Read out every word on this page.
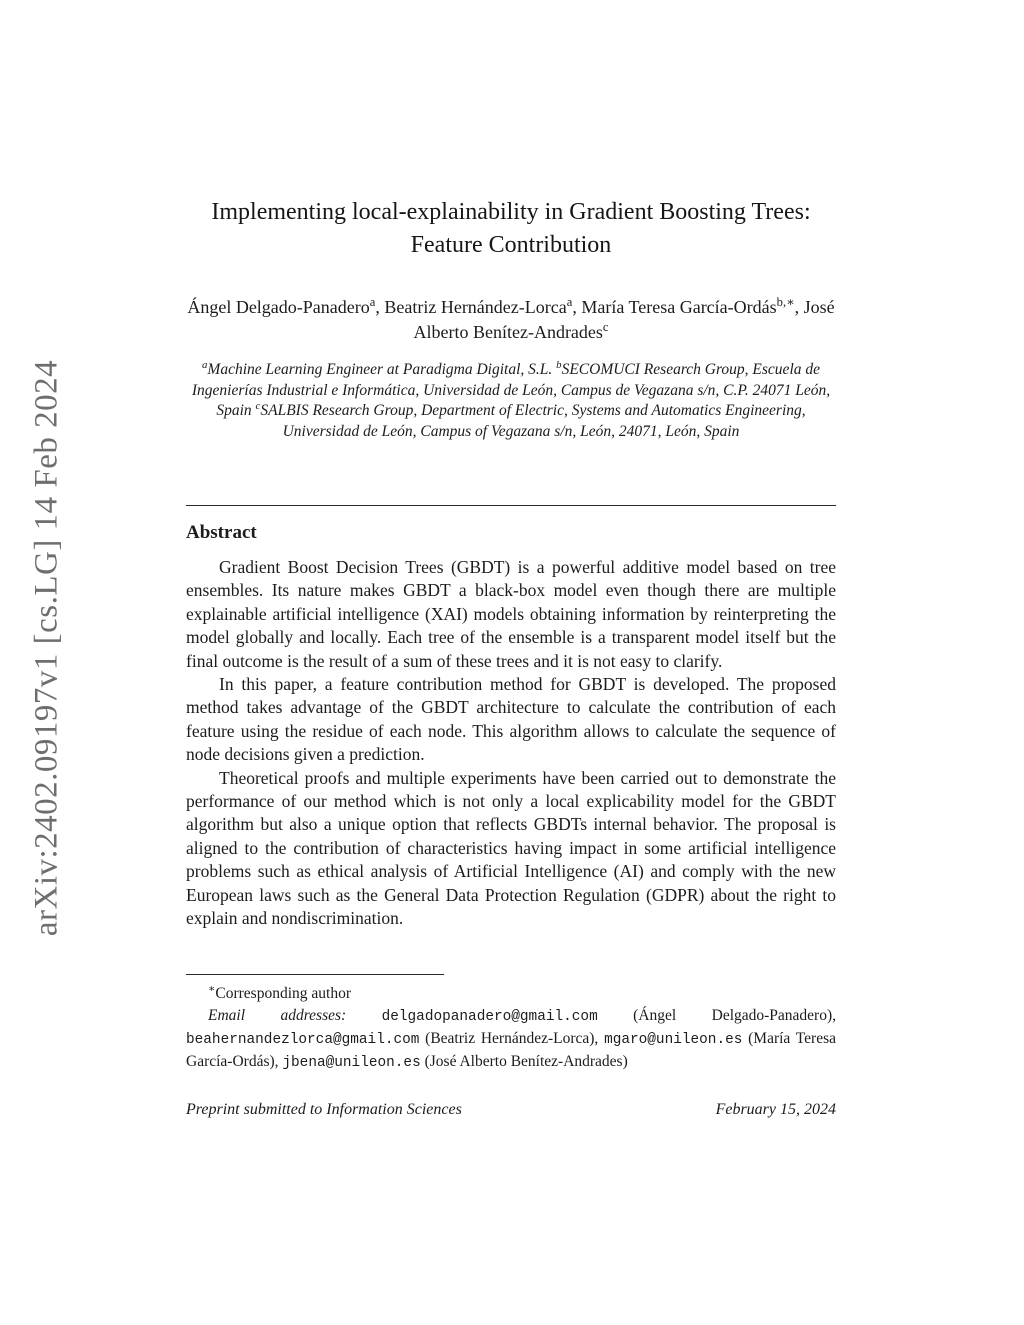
arXiv:2402.09197v1 [cs.LG] 14 Feb 2024
Implementing local-explainability in Gradient Boosting Trees: Feature Contribution
Ángel Delgado-Panadero$^a$, Beatriz Hernández-Lorca$^a$, María Teresa García-Ordás$^{b,∗}$, José Alberto Benítez-Andrades$^c$
$^a$Machine Learning Engineer at Paradigma Digital, S.L. $^b$SECOMUCI Research Group, Escuela de Ingenierías Industrial e Informática, Universidad de León, Campus de Vegazana s/n, C.P. 24071 León, Spain $^c$SALBIS Research Group, Department of Electric, Systems and Automatics Engineering, Universidad de León, Campus of Vegazana s/n, León, 24071, León, Spain
Abstract

Gradient Boost Decision Trees (GBDT) is a powerful additive model based on tree ensembles. Its nature makes GBDT a black-box model even though there are multiple explainable artificial intelligence (XAI) models obtaining information by reinterpreting the model globally and locally. Each tree of the ensemble is a transparent model itself but the final outcome is the result of a sum of these trees and it is not easy to clarify.

In this paper, a feature contribution method for GBDT is developed. The proposed method takes advantage of the GBDT architecture to calculate the contribution of each feature using the residue of each node. This algorithm allows to calculate the sequence of node decisions given a prediction.

Theoretical proofs and multiple experiments have been carried out to demonstrate the performance of our method which is not only a local explicability model for the GBDT algorithm but also a unique option that reflects GBDTs internal behavior. The proposal is aligned to the contribution of characteristics having impact in some artificial intelligence problems such as ethical analysis of Artificial Intelligence (AI) and comply with the new European laws such as the General Data Protection Regulation (GDPR) about the right to explain and nondiscrimination.

∗Corresponding author

Email addresses: delgadopanadero@gmail.com (Ángel Delgado-Panadero), beahernandezlorca@gmail.com (Beatriz Hernández-Lorca), mgaro@unileon.es (María Teresa García-Ordás), jbena@unileon.es (José Alberto Benítez-Andrades)

Preprint submitted to Information Sciences	February 15, 2024
